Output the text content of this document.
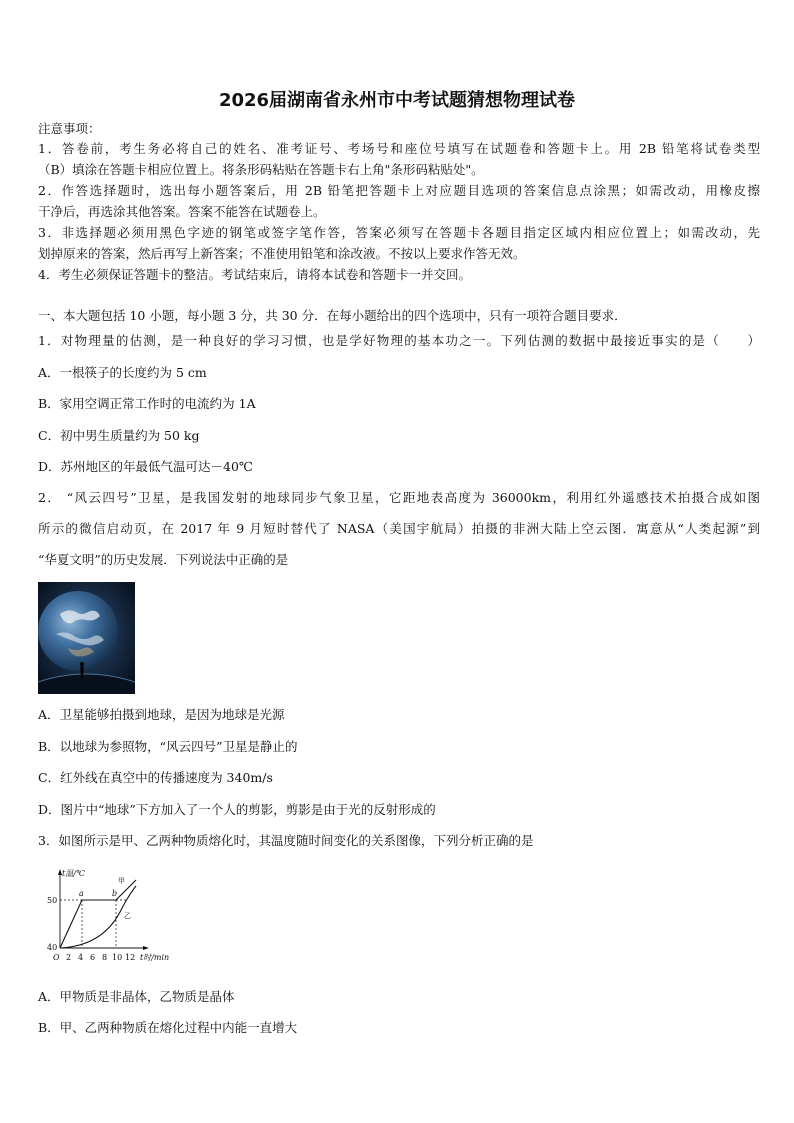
2026届湖南省永州市中考试题猜想物理试卷
注意事项：
1．答卷前，考生务必将自己的姓名、准考证号、考场号和座位号填写在试题卷和答题卡上。用 2B 铅笔将试卷类型
（B）填涂在答题卡相应位置上。将条形码粘贴在答题卡右上角"条形码粘贴处"。
2．作答选择题时，选出每小题答案后，用 2B 铅笔把答题卡上对应题目选项的答案信息点涂黑；如需改动，用橡皮擦
干净后，再选涂其他答案。答案不能答在试题卷上。
3．非选择题必须用黑色字迹的钢笔或签字笔作答，答案必须写在答题卡各题目指定区域内相应位置上；如需改动，先
划掉原来的答案，然后再写上新答案；不准使用铅笔和涂改液。不按以上要求作答无效。
4．考生必须保证答题卡的整洁。考试结束后，请将本试卷和答题卡一并交回。
一、本大题包括 10 小题，每小题 3 分，共 30 分．在每小题给出的四个选项中，只有一项符合题目要求．
1．对物理量的估测，是一种良好的学习习惯，也是学好物理的基本功之一。下列估测的数据中最接近事实的是（　　）
A．一根筷子的长度约为 5 cm
B．家用空调正常工作时的电流约为 1A
C．初中男生质量约为 50 kg
D．苏州地区的年最低气温可达－40℃
2． “风云四号”卫星，是我国发射的地球同步气象卫星，它距地表高度为 36000km，利用红外遥感技术拍摄合成如图
所示的微信启动页，在 2017 年 9 月短时替代了 NASA（美国宇航局）拍摄的非洲大陆上空云图．寓意从“人类起源”到
“华夏文明”的历史发展．下列说法中正确的是
A．卫星能够拍摄到地球，是因为地球是光源
B．以地球为参照物，“风云四号”卫星是静止的
C．红外线在真空中的传播速度为 340m/s
D．图片中“地球”下方加入了一个人的剪影，剪影是由于光的反射形成的
3．如图所示是甲、乙两种物质熔化时，其温度随时间变化的关系图像，下列分析正确的是
t温/℃
t时/min
50
40
O 2 4 6 8 10 12
a	b
甲
乙
A．甲物质是非晶体，乙物质是晶体
B．甲、乙两种物质在熔化过程中内能一直增大
